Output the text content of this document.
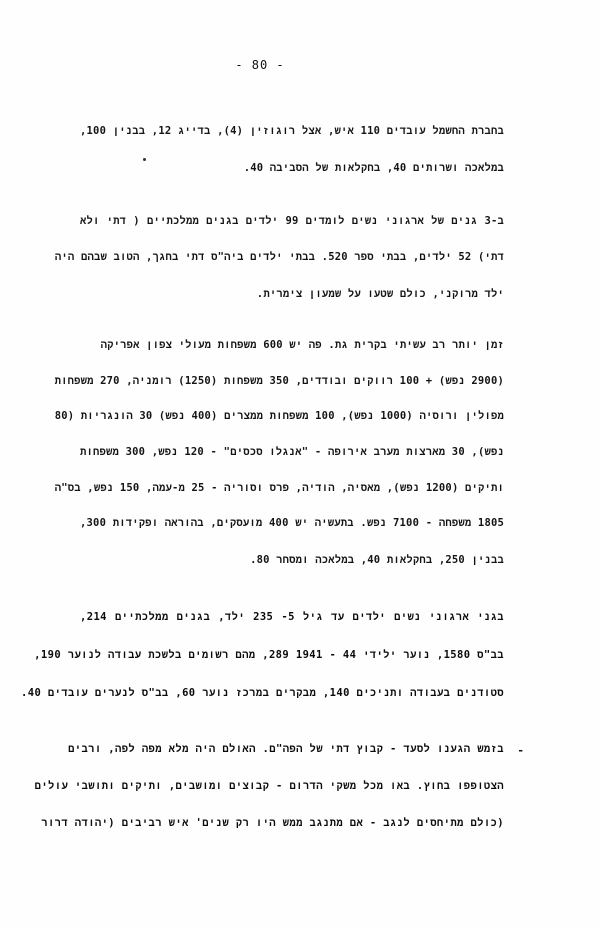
- 80 -
בחברת החשמל עובדים 110 איש, אצל רוגוזין (4), בדייג 12, בבנין 100,
במלאכה ושרותים 40, בחקלאות של הסביבה 40.
ב-3 גנים של ארגוני נשים לומדים 99 ילדים בגנים ממלכתיים ( דתי ולא
דתי) 52 ילדים, בבתי ספר 520. בבתי ילדים ביה"ס דתי בחגך, הטוב שבהם היה
ילד מרוקני, כולם שטעו על שמעון צימרית.
זמן יותר רב עשיתי בקרית גת. פה יש 600 משפחות מעולי צפון אפריקה
(2900 נפש) + 100 רווקים ובודדים, 350 משפחות (1250) רומניה, 270 משפחות
מפולין ורוסיה (1000 נפש), 100 משפחות ממצרים (400 נפש) 30 הונגריות (80
נפש), 30 מארצות מערב אירופה - "אנגלו סכסים" - 120 נפש, 300 משפחות
ותיקים (1200 נפש), מאסיה, הודיה, פרס וסוריה - 25 מ-עמה, 150 נפש, בס"ה
1805 משפחה - 7100 נפש. בתעשיה יש 400 מועסקים, בהוראה ופקידות 300,
בבנין 250, בחקלאות 40, במלאכה ומסחר 80.
בגני ארגוני נשים ילדים עד גיל 5- 235 ילד, בגנים ממלכתיים 214,
בב"ס 1580, נוער ילידי 44 - 1941 289, מהם רשומים בלשכת עבודה לנוער 190,
סטודנים בעבודה ותניכים 140, מבקרים במרכז נוער 60, בב"ס לנערים עובדים 40.
-
בזמש הגענו לסעד - קבוץ דתי של הפה"ם. האולם היה מלא מפה לפה, ורבים
הצטופפו בחוץ. באו מכל משקי הדרום - קבוצים ומושבים, ותיקים ותושבי עולים
(כולם מתיחסים לנגב - אם מתנגב ממש היו רק שנים' איש רביבים (יהודה דרור
